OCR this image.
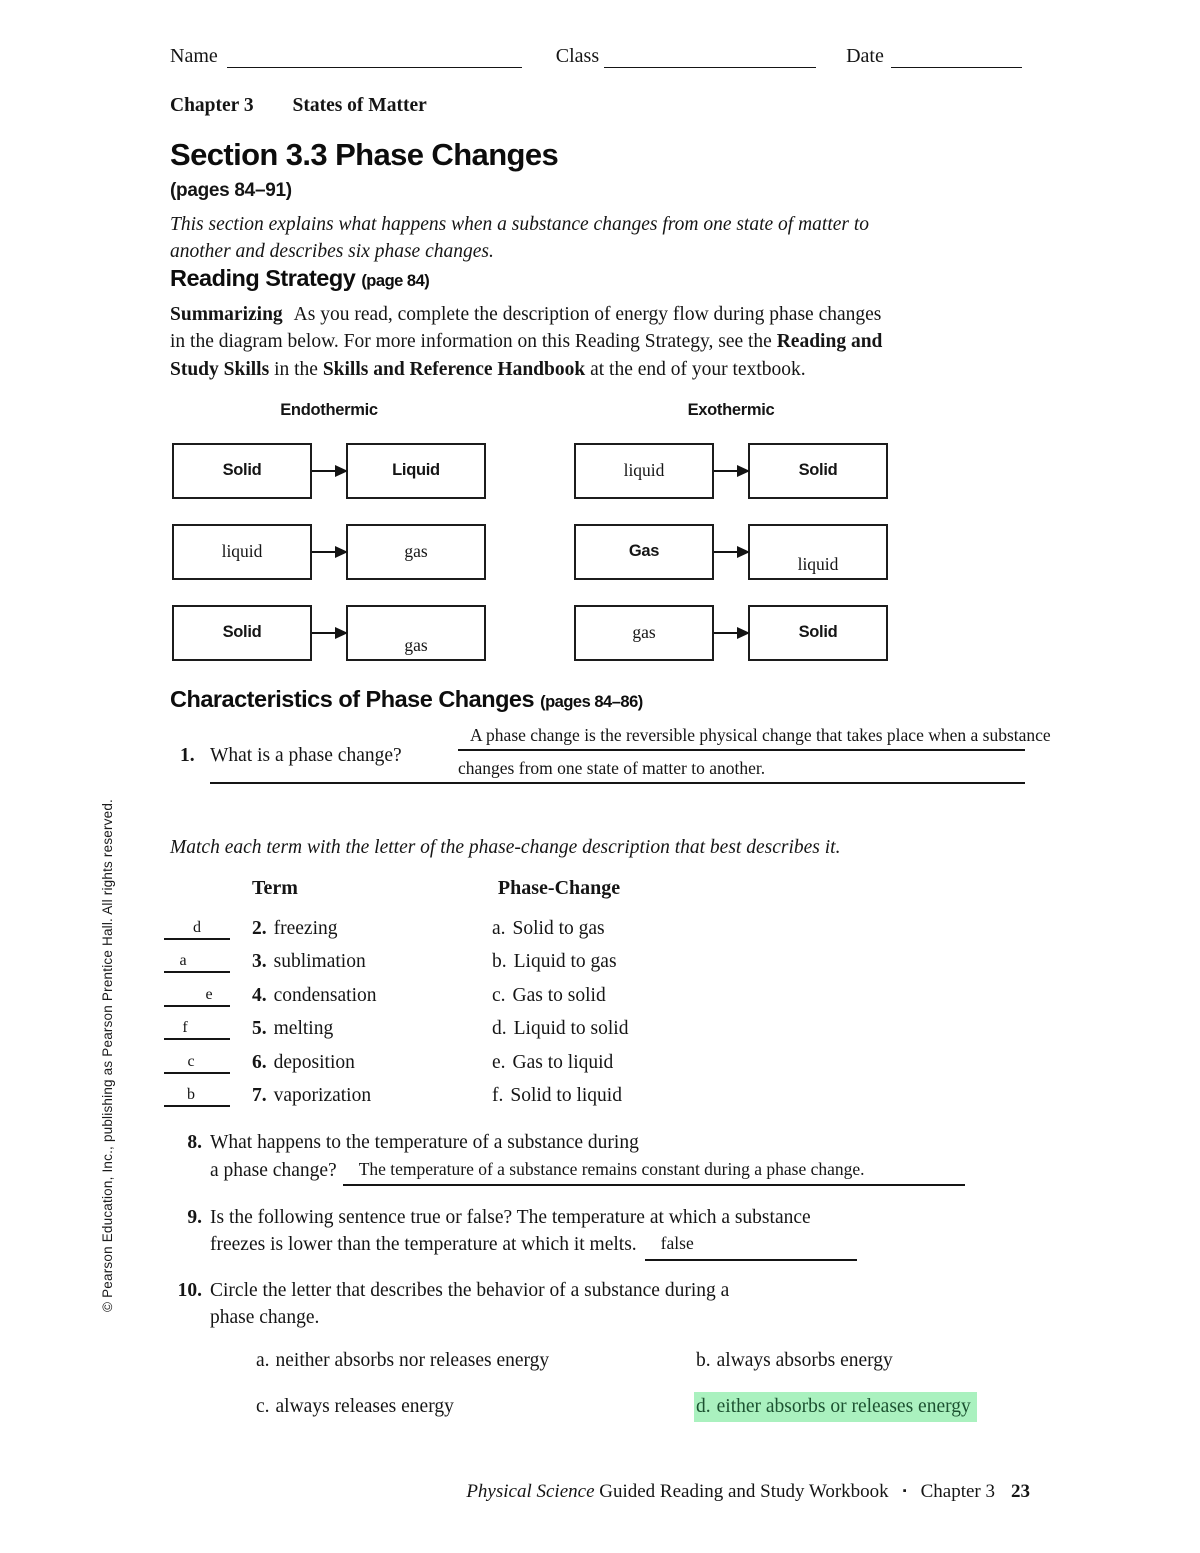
© Pearson Education, Inc., publishing as Pearson Prentice Hall. All rights reserved.
Name	Class	Date
Chapter 3 States of Matter
Section 3.3 Phase Changes
(pages 84–91)

This section explains what happens when a substance changes from one state of matter to another and describes six phase changes.

Reading Strategy (page 84)

Summarizing As you read, complete the description of energy flow during phase changes in the diagram below. For more information on this Reading Strategy, see the Reading and Study Skills in the Skills and Reference Handbook at the end of your textbook.

Endothermic
Solid	Liquid
liquid	gas
Solid
gas
Exothermic
liquid	Solid
Gas
liquid
gas	Solid
Characteristics of Phase Changes (pages 84–86)
1. What is a phase change?
A phase change is the reversible physical change that takes place when a substance
changes from one state of matter to another.

Match each term with the letter of the phase-change description that best describes it.

Term	Phase-Change
d	2. freezing	a. Solid to gas
a	3. sublimation	b. Liquid to gas
e	4. condensation	c. Gas to solid
f	5. melting	d. Liquid to solid
c	6. deposition	e. Gas to liquid
b	7. vaporization	f. Solid to liquid
8. What happens to the temperature of a substance during
a phase change? The temperature of a substance remains constant during a phase change.
9. Is the following sentence true or false? The temperature at which a substance
freezes is lower than the temperature at which it melts. false
10. Circle the letter that describes the behavior of a substance during a
phase change.
a. neither absorbs nor releases energy	b. always absorbs energy
c. always releases energy	d. either absorbs or releases energy
Physical Science Guided Reading and Study Workbook ▪ Chapter 3 23
